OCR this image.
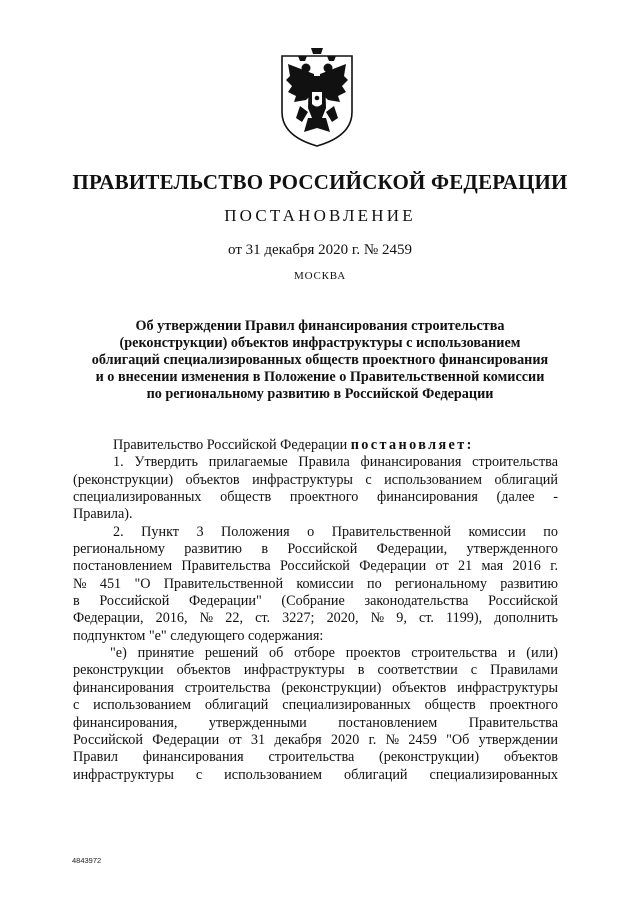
ПРАВИТЕЛЬСТВО РОССИЙСКОЙ ФЕДЕРАЦИИ
ПОСТАНОВЛЕНИЕ
от 31 декабря 2020 г. № 2459
МОСКВА
Об утверждении Правил финансирования строительства
(реконструкции) объектов инфраструктуры с использованием
облигаций специализированных обществ проектного финансирования
и о внесении изменения в Положение о Правительственной комиссии
по региональному развитию в Российской Федерации
Правительство Российской Федерации
постановляет:
1. Утвердить прилагаемые Правила финансирования строительства
(реконструкции) объектов инфраструктуры с использованием облигаций
специализированных обществ проектного финансирования (далее -
Правила).
2. Пункт 3 Положения о Правительственной комиссии по
региональному развитию в Российской Федерации, утвержденного
постановлением Правительства Российской Федерации от 21 мая 2016 г.
№ 451 "О Правительственной комиссии по региональному развитию
в Российской Федерации" (Собрание законодательства Российской
Федерации, 2016, № 22, ст. 3227; 2020, № 9, ст. 1199), дополнить
подпунктом "е" следующего содержания:
"е) принятие решений об отборе проектов строительства и (или)
реконструкции объектов инфраструктуры в соответствии с Правилами
финансирования строительства (реконструкции) объектов инфраструктуры
с использованием облигаций специализированных обществ проектного
финансирования, утвержденными постановлением Правительства
Российской Федерации от 31 декабря 2020 г. № 2459 "Об утверждении
Правил финансирования строительства (реконструкции) объектов
инфраструктуры с использованием облигаций специализированных
4843972
